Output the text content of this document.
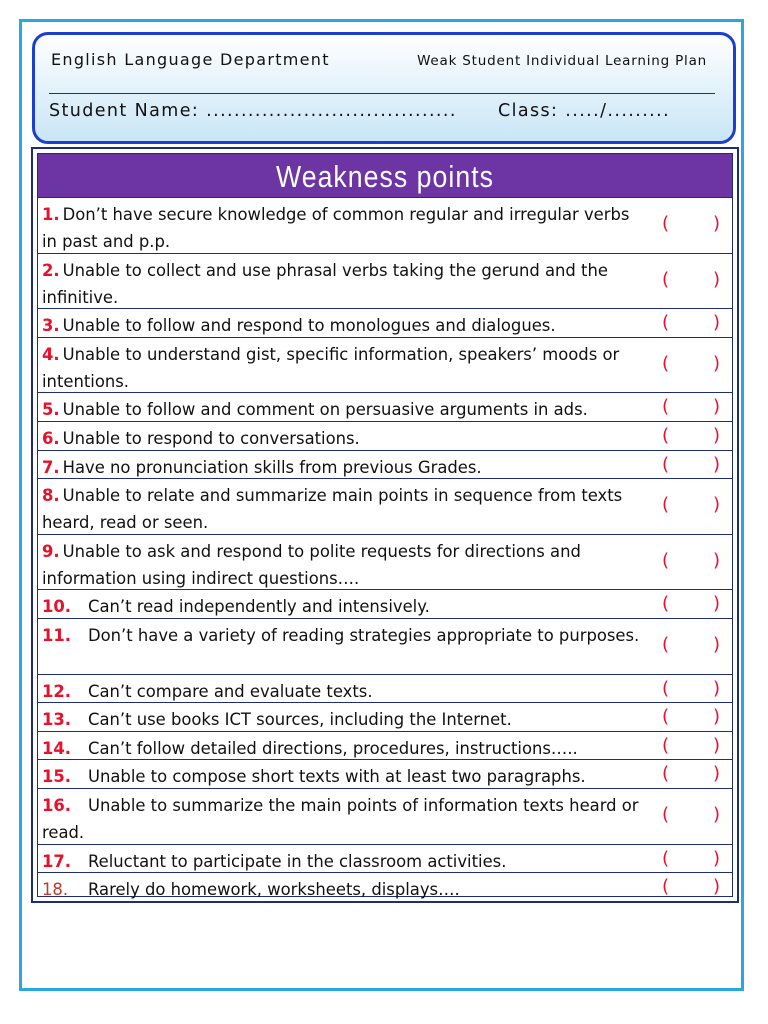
English Language Department	Weak Student Individual Learning Plan
Student Name: .................................... Class: ...../.........
Weakness points
1. Don’t have secure knowledge of common regular and irregular verbs in past and p.p.
( )
2. Unable to collect and use phrasal verbs taking the gerund and the infinitive.
( )
3. Unable to follow and respond to monologues and dialogues.	( )
4. Unable to understand gist, specific information, speakers’ moods or intentions.
( )
5. Unable to follow and comment on persuasive arguments in ads.	( )
6. Unable to respond to conversations.	( )
7. Have no pronunciation skills from previous Grades.	( )
8. Unable to relate and summarize main points in sequence from texts heard, read or seen.
( )
9. Unable to ask and respond to polite requests for directions and information using indirect questions….
( )
10. Can’t read independently and intensively.	( )
11. Don’t have a variety of reading strategies appropriate to purposes.	( )
12. Can’t compare and evaluate texts.	( )
13. Can’t use books ICT sources, including the Internet.	( )
14. Can’t follow detailed directions, procedures, instructions…..	( )
15. Unable to compose short texts with at least two paragraphs.	( )
16. Unable to summarize the main points of information texts heard or read.
( )
17. Reluctant to participate in the classroom activities.	( )
18. Rarely do homework, worksheets, displays….	( )
